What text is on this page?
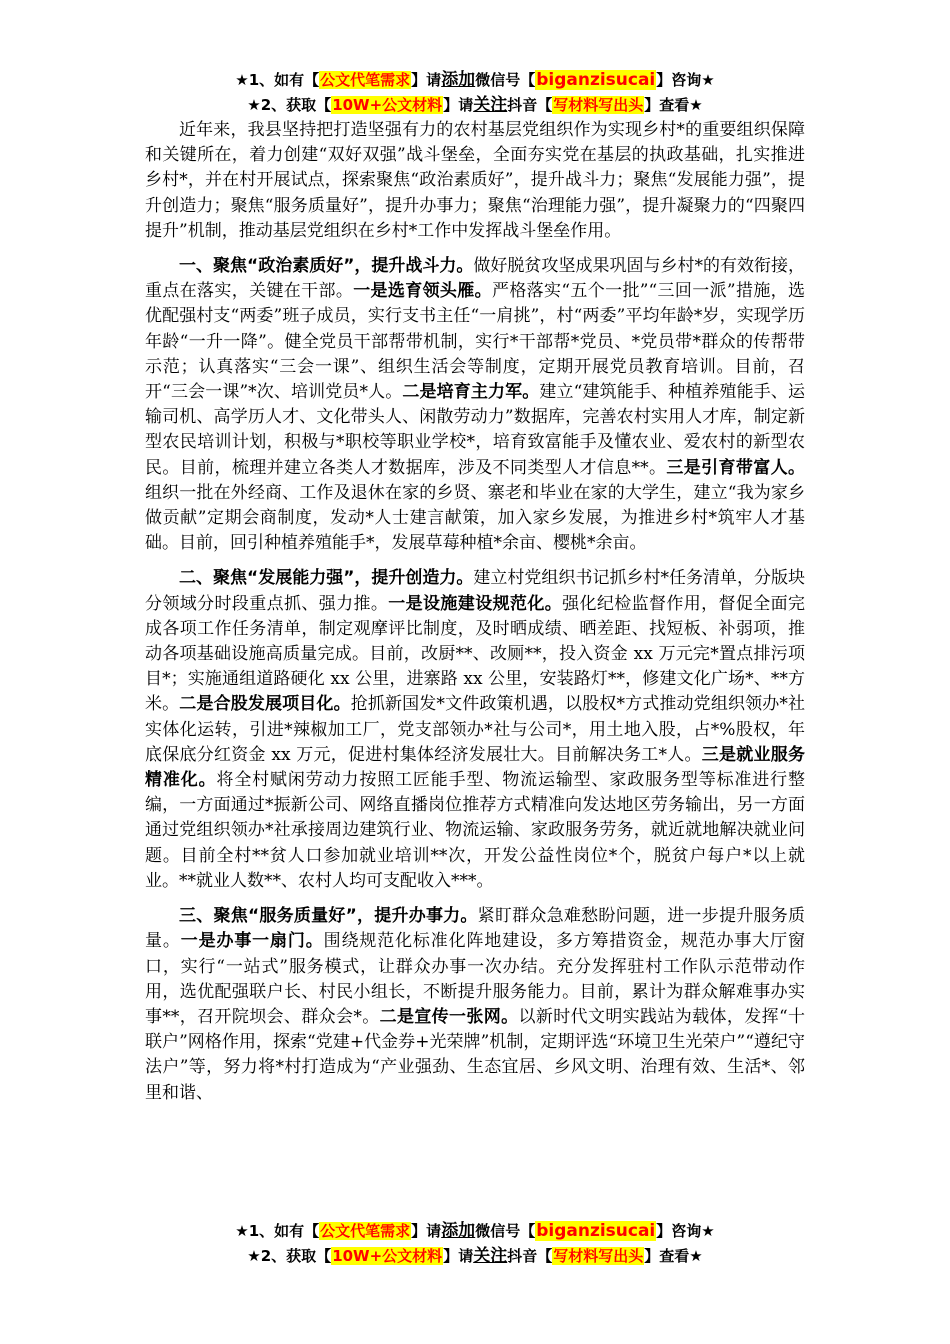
★1、如有【公文代笔需求】请添加微信号【biganzisucai】咨询★
★2、获取【10W+公文材料】请关注抖音【写材料写出头】查看★

近年来，我县坚持把打造坚强有力的农村基层党组织作为实现乡村*的重要组织保障和关键所在，着力创建“双好双强”战斗堡垒，全面夯实党在基层的执政基础，扎实推进乡村*，并在村开展试点，探索聚焦“政治素质好”，提升战斗力；聚焦“发展能力强”，提升创造力；聚焦“服务质量好”，提升办事力；聚焦“治理能力强”，提升凝聚力的“四聚四提升”机制，推动基层党组织在乡村*工作中发挥战斗堡垒作用。

一、聚焦“政治素质好”，提升战斗力。做好脱贫攻坚成果巩固与乡村*的有效衔接，重点在落实，关键在干部。一是选育领头雁。严格落实“五个一批”“三回一派”措施，选优配强村支“两委”班子成员，实行支书主任“一肩挑”，村“两委”平均年龄*岁，实现学历年龄“一升一降”。健全党员干部帮带机制，实行*干部帮*党员、*党员带*群众的传帮带示范；认真落实“三会一课”、组织生活会等制度，定期开展党员教育培训。目前，召开“三会一课”*次、培训党员*人。二是培育主力军。建立“建筑能手、种植养殖能手、运输司机、高学历人才、文化带头人、闲散劳动力”数据库，完善农村实用人才库，制定新型农民培训计划，积极与*职校等职业学校*，培育致富能手及懂农业、爱农村的新型农民。目前，梳理并建立各类人才数据库，涉及不同类型人才信息**。三是引育带富人。组织一批在外经商、工作及退休在家的乡贤、寨老和毕业在家的大学生，建立“我为家乡做贡献”定期会商制度，发动*人士建言献策，加入家乡发展，为推进乡村*筑牢人才基础。目前，回引种植养殖能手*，发展草莓种植*余亩、樱桃*余亩。

二、聚焦“发展能力强”，提升创造力。建立村党组织书记抓乡村*任务清单，分版块分领域分时段重点抓、强力推。一是设施建设规范化。强化纪检监督作用，督促全面完成各项工作任务清单，制定观摩评比制度，及时晒成绩、晒差距、找短板、补弱项，推动各项基础设施高质量完成。目前，改厨**、改厕**，投入资金 xx 万元完*置点排污项目*；实施通组道路硬化 xx 公里，进寨路 xx 公里，安装路灯**，修建文化广场*、**方米。二是合股发展项目化。抢抓新国发*文件政策机遇，以股权*方式推动党组织领办*社实体化运转，引进*辣椒加工厂，党支部领办*社与公司*，用土地入股，占*%股权，年底保底分红资金 xx 万元，促进村集体经济发展壮大。目前解决务工*人。三是就业服务精准化。将全村赋闲劳动力按照工匠能手型、物流运输型、家政服务型等标准进行整编，一方面通过*振新公司、网络直播岗位推荐方式精准向发达地区劳务输出，另一方面通过党组织领办*社承接周边建筑行业、物流运输、家政服务劳务，就近就地解决就业问题。目前全村**贫人口参加就业培训**次，开发公益性岗位*个，脱贫户每户*以上就业。**就业人数**、农村人均可支配收入***。

三、聚焦“服务质量好”，提升办事力。紧盯群众急难愁盼问题，进一步提升服务质量。一是办事一扇门。围绕规范化标准化阵地建设，多方筹措资金，规范办事大厅窗口，实行“一站式”服务模式，让群众办事一次办结。充分发挥驻村工作队示范带动作用，选优配强联户长、村民小组长，不断提升服务能力。目前，累计为群众解难事办实事**，召开院坝会、群众会*。二是宣传一张网。以新时代文明实践站为载体，发挥“十联户”网格作用，探索“党建+代金券+光荣牌”机制，定期评选“环境卫生光荣户”“遵纪守法户”等，努力将*村打造成为“产业强劲、生态宜居、乡风文明、治理有效、生活*、邻里和谐、

★1、如有【公文代笔需求】请添加微信号【biganzisucai】咨询★
★2、获取【10W+公文材料】请关注抖音【写材料写出头】查看★
